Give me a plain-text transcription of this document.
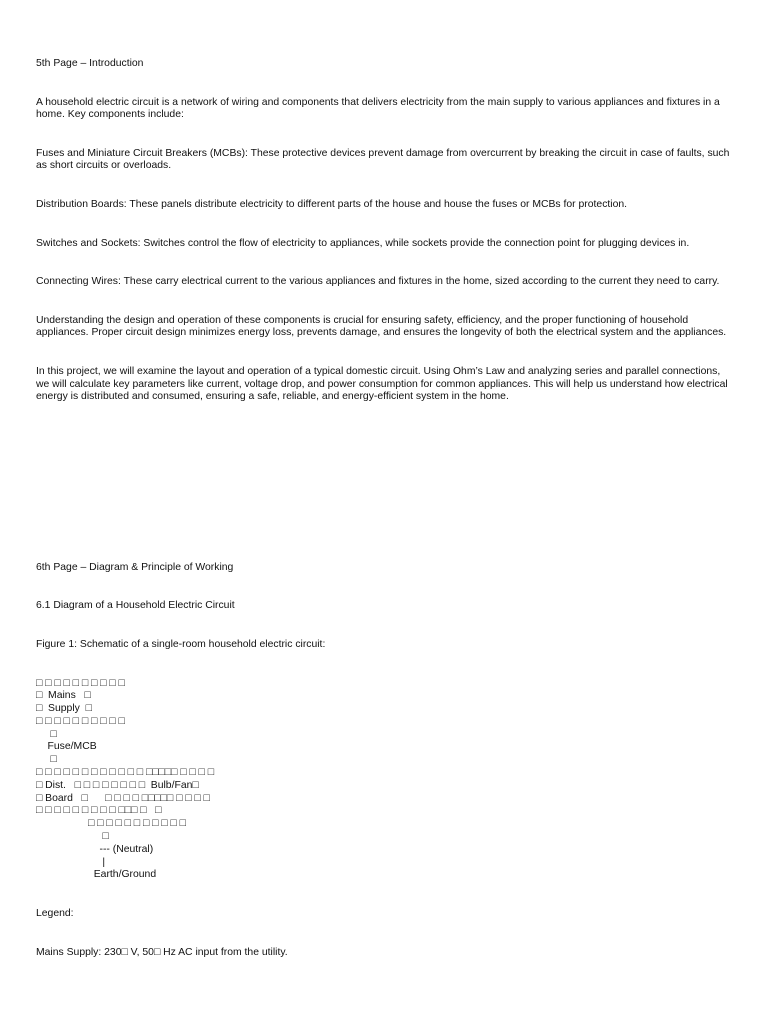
5th Page – Introduction

A household electric circuit is a network of wiring and components that delivers electricity from the main supply to various appliances and fixtures in a home. Key components include:

Fuses and Miniature Circuit Breakers (MCBs): These protective devices prevent damage from overcurrent by breaking the circuit in case of faults, such as short circuits or overloads.

Distribution Boards: These panels distribute electricity to different parts of the house and house the fuses or MCBs for protection.

Switches and Sockets: Switches control the flow of electricity to appliances, while sockets provide the connection point for plugging devices in.

Connecting Wires: These carry electrical current to the various appliances and fixtures in the home, sized according to the current they need to carry.

Understanding the design and operation of these components is crucial for ensuring safety, efficiency, and the proper functioning of household appliances. Proper circuit design minimizes energy loss, prevents damage, and ensures the longevity of both the electrical system and the appliances.

In this project, we will examine the layout and operation of a typical domestic circuit. Using Ohm’s Law and analyzing series and parallel connections, we will calculate key parameters like current, voltage drop, and power consumption for common appliances. This will help us understand how electrical energy is distributed and consumed, ensuring a safe, reliable, and energy-efficient system in the home.

6th Page – Diagram & Principle of Working

6.1 Diagram of a Household Electric Circuit

Figure 1: Schematic of a single-room household electric circuit:

□ □ □ □ □ □ □ □ □ □
□  Mains   □
□  Supply  □
□ □ □ □ □ □ □ □ □ □
□
Fuse/MCB
□
□ □ □ □ □ □ □ □ □ □ □ □ □□□□□ □ □ □ □
□ Dist.   □ □ □ □ □ □ □ □  Bulb/Fan□
□ Board   □      □ □ □ □ □□□□□ □ □ □ □
□ □ □ □ □ □ □ □ □ □□□ □   □
□ □ □ □ □ □ □ □ □ □ □
□
--- (Neutral)
|
Earth/Ground

Legend:

Mains Supply: 230□ V, 50□ Hz AC input from the utility.
